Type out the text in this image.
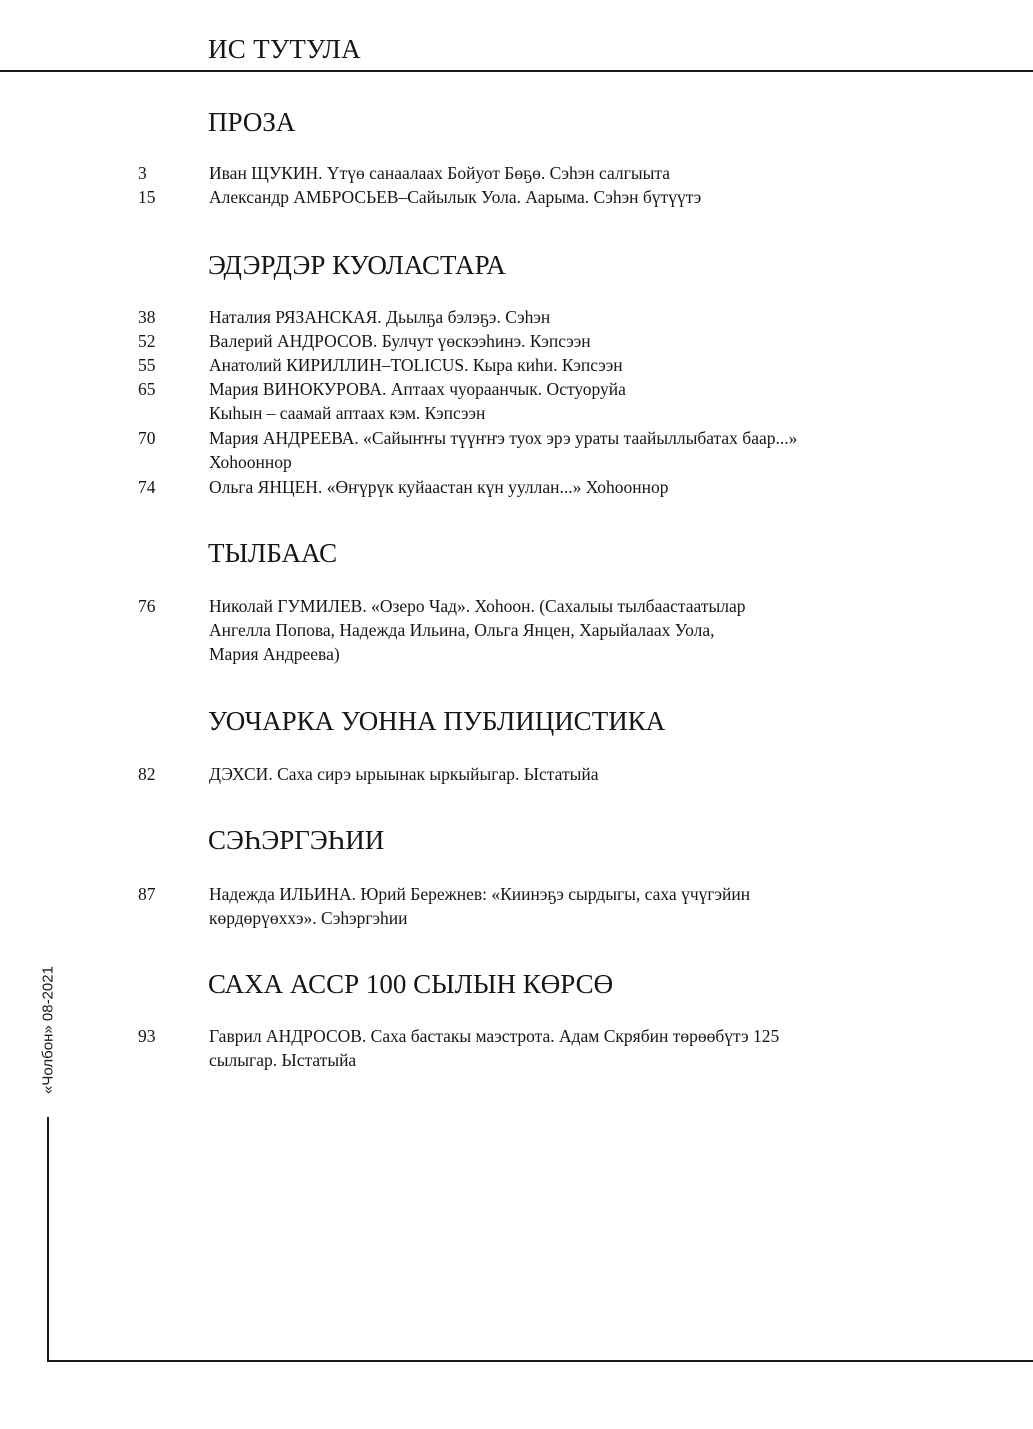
ИС ТУТУЛА
ПРОЗА
3	Иван ЩУКИН. Үтүө санаалаах Бойуот Бөҕө. Сэһэн салгыыта
15	Александр АМБРОСЬЕВ–Сайылык Уола. Аарыма. Сэһэн бүтүүтэ
ЭДЭРДЭР КУОЛАСТАРА
38	Наталия РЯЗАНСКАЯ. Дьылҕа бэлэҕэ. Сэһэн
52	Валерий АНДРОСОВ. Булчут үөскээһинэ. Кэпсээн
55	Анатолий КИРИЛЛИН–TOLICUS. Кыра киһи. Кэпсээн
65	Мария ВИНОКУРОВА. Аптаах чуораанчык. Остуоруйа
Кыһын – саамай аптаах кэм. Кэпсээн
70	Мария АНДРЕЕВА. «Сайыҥҥы түүҥҥэ туох эрэ ураты таайыллыбатах баар...»
Хоһооннор
74	Ольга ЯНЦЕН. «Өҥүрүк куйаастан күн ууллан...» Хоһооннор
ТЫЛБААС
76	Николай ГУМИЛЕВ. «Озеро Чад». Хоһоон. (Сахалыы тылбаастаатылар
Ангелла Попова, Надежда Ильина, Ольга Янцен, Харыйалаах Уола,
Мария Андреева)
УОЧАРКА УОННА ПУБЛИЦИСТИКА
82	ДЭХСИ. Саха сирэ ырыынак ыркыйыгар. Ыстатыйа
СЭҺЭРГЭҺИИ
87	Надежда ИЛЬИНА. Юрий Бережнев: «Киинэҕэ сырдыгы, саха үчүгэйин
көрдөрүөххэ». Сэһэргэһии
САХА АССР 100 СЫЛЫН КӨРСӨ
93	Гаврил АНДРОСОВ. Саха бастакы маэстрота. Адам Скрябин төрөөбүтэ 125
сылыгар. Ыстатыйа
«Чолбон» 08-2021
